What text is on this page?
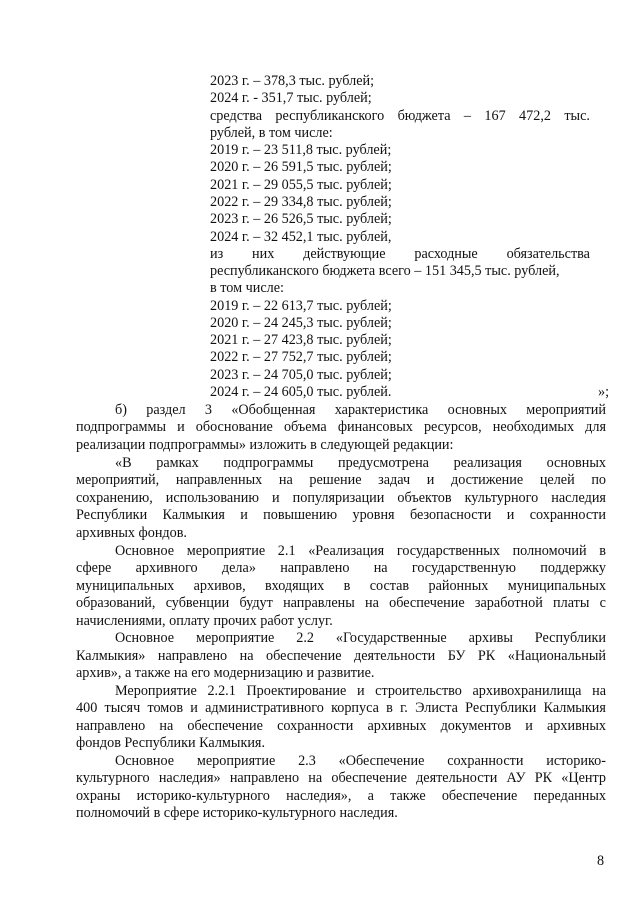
2023 г. – 378,3 тыс. рублей;
2024 г. - 351,7 тыс. рублей;
средства республиканского бюджета – 167 472,2 тыс.
рублей, в том числе:
2019 г. – 23 511,8 тыс. рублей;
2020 г. – 26 591,5 тыс. рублей;
2021 г. – 29 055,5 тыс. рублей;
2022 г. – 29 334,8 тыс. рублей;
2023 г. – 26 526,5 тыс. рублей;
2024 г. – 32 452,1 тыс. рублей,
из них действующие расходные обязательства
республиканского бюджета всего – 151 345,5 тыс. рублей,
в том числе:
2019 г. – 22 613,7 тыс. рублей;
2020 г. – 24 245,3 тыс. рублей;
2021 г. – 27 423,8 тыс. рублей;
2022 г. – 27 752,7 тыс. рублей;
2023 г. – 24 705,0 тыс. рублей;
2024 г. – 24 605,0 тыс. рублей.	»;
б) раздел 3 «Обобщенная характеристика основных мероприятий
подпрограммы и обоснование объема финансовых ресурсов, необходимых для
реализации подпрограммы» изложить в следующей редакции:
«В рамках подпрограммы предусмотрена реализация основных
мероприятий, направленных на решение задач и достижение целей по
сохранению, использованию и популяризации объектов культурного наследия
Республики Калмыкия и повышению уровня безопасности и сохранности
архивных фондов.
Основное мероприятие 2.1 «Реализация государственных полномочий в
сфере архивного дела» направлено на государственную поддержку
муниципальных архивов, входящих в состав районных муниципальных
образований, субвенции будут направлены на обеспечение заработной платы с
начислениями, оплату прочих работ услуг.
Основное мероприятие 2.2 «Государственные архивы Республики
Калмыкия» направлено на обеспечение деятельности БУ РК «Национальный
архив», а также на его модернизацию и развитие.
Мероприятие 2.2.1 Проектирование и строительство архивохранилища на
400 тысяч томов и административного корпуса в г. Элиста Республики Калмыкия
направлено на обеспечение сохранности архивных документов и архивных
фондов Республики Калмыкия.
Основное мероприятие 2.3 «Обеспечение сохранности историко-
культурного наследия» направлено на обеспечение деятельности АУ РК «Центр
охраны историко-культурного наследия», а также обеспечение переданных
полномочий в сфере историко-культурного наследия.
8
